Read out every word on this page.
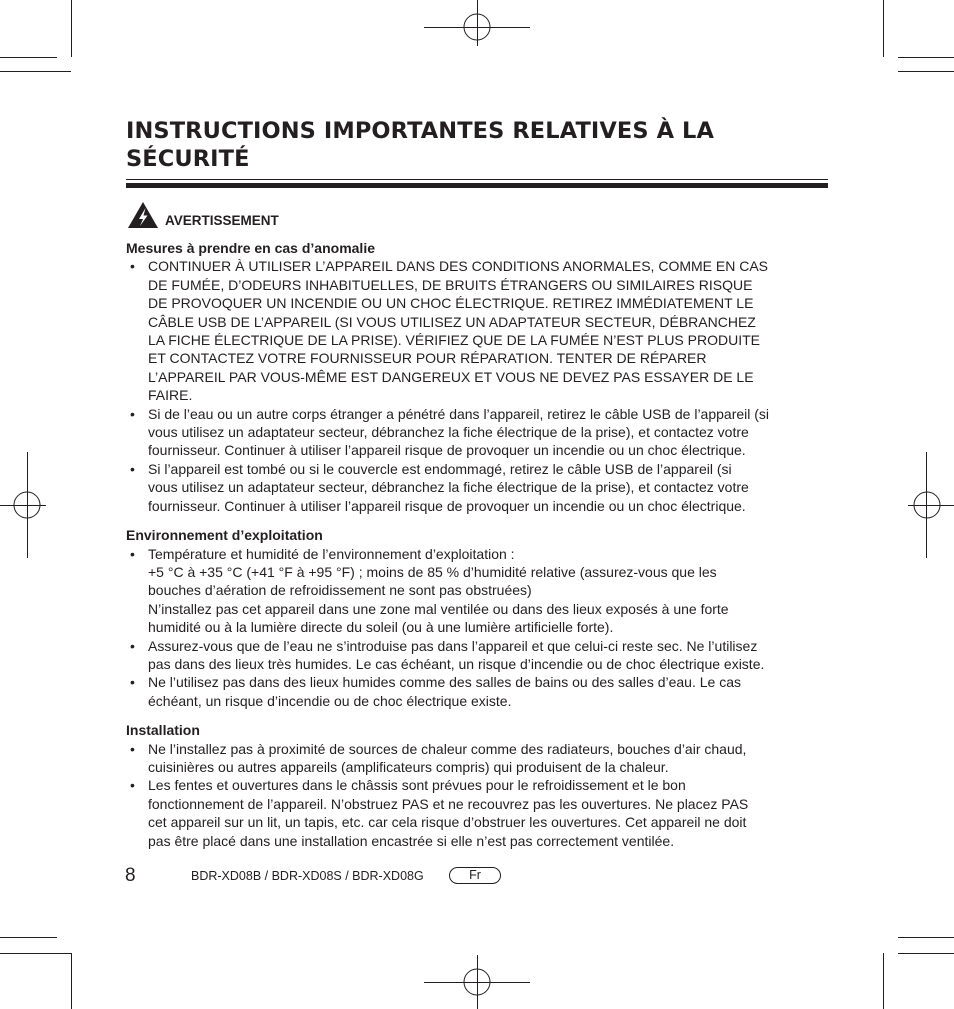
INSTRUCTIONS IMPORTANTES RELATIVES À LA
SÉCURITÉ
AVERTISSEMENT

Mesures à prendre en cas d’anomalie

• CONTINUER À UTILISER L’APPAREIL DANS DES CONDITIONS ANORMALES, COMME EN CAS
DE FUMÉE, D’ODEURS INHABITUELLES, DE BRUITS ÉTRANGERS OU SIMILAIRES RISQUE
DE PROVOQUER UN INCENDIE OU UN CHOC ÉLECTRIQUE. RETIREZ IMMÉDIATEMENT LE
CÂBLE USB DE L’APPAREIL (SI VOUS UTILISEZ UN ADAPTATEUR SECTEUR, DÉBRANCHEZ
LA FICHE ÉLECTRIQUE DE LA PRISE). VÉRIFIEZ QUE DE LA FUMÉE N’EST PLUS PRODUITE
ET CONTACTEZ VOTRE FOURNISSEUR POUR RÉPARATION. TENTER DE RÉPARER
L’APPAREIL PAR VOUS-MÊME EST DANGEREUX ET VOUS NE DEVEZ PAS ESSAYER DE LE
FAIRE.
• Si de l’eau ou un autre corps étranger a pénétré dans l’appareil, retirez le câble USB de l’appareil (si
vous utilisez un adaptateur secteur, débranchez la fiche électrique de la prise), et contactez votre
fournisseur. Continuer à utiliser l’appareil risque de provoquer un incendie ou un choc électrique.
• Si l’appareil est tombé ou si le couvercle est endommagé, retirez le câble USB de l’appareil (si
vous utilisez un adaptateur secteur, débranchez la fiche électrique de la prise), et contactez votre
fournisseur. Continuer à utiliser l’appareil risque de provoquer un incendie ou un choc électrique.

Environnement d’exploitation

• Température et humidité de l’environnement d’exploitation :
+5 °C à +35 °C (+41 °F à +95 °F) ; moins de 85 % d’humidité relative (assurez-vous que les
bouches d’aération de refroidissement ne sont pas obstruées)
N’installez pas cet appareil dans une zone mal ventilée ou dans des lieux exposés à une forte
humidité ou à la lumière directe du soleil (ou à une lumière artificielle forte).
• Assurez-vous que de l’eau ne s’introduise pas dans l’appareil et que celui-ci reste sec. Ne l’utilisez
pas dans des lieux très humides. Le cas échéant, un risque d’incendie ou de choc électrique existe.
• Ne l’utilisez pas dans des lieux humides comme des salles de bains ou des salles d’eau. Le cas
échéant, un risque d’incendie ou de choc électrique existe.

Installation

• Ne l’installez pas à proximité de sources de chaleur comme des radiateurs, bouches d’air chaud,
cuisinières ou autres appareils (amplificateurs compris) qui produisent de la chaleur.
• Les fentes et ouvertures dans le châssis sont prévues pour le refroidissement et le bon
fonctionnement de l’appareil. N’obstruez PAS et ne recouvrez pas les ouvertures. Ne placez PAS
cet appareil sur un lit, un tapis, etc. car cela risque d’obstruer les ouvertures. Cet appareil ne doit
pas être placé dans une installation encastrée si elle n’est pas correctement ventilée.
8	BDR-XD08B / BDR-XD08S / BDR-XD08G	Fr
